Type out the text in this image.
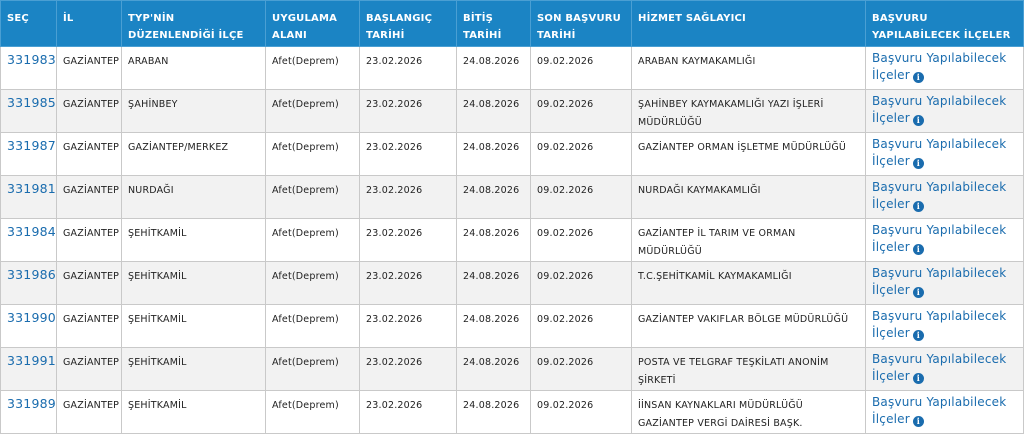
SEÇ	İL	TYP'NİN DÜZENLENDİĞİ İLÇE	UYGULAMA ALANI	BAŞLANGIÇ TARİHİ	BİTİŞ TARİHİ	SON BAŞVURU TARİHİ	HİZMET SAĞLAYICI	BAŞVURU YAPILABİLECEK İLÇELER
331983	GAZİANTEP	ARABAN	Afet(Deprem)	23.02.2026	24.08.2026	09.02.2026	ARABAN KAYMAKAMLIĞI	Başvuru Yapılabilecek İlçeler i
331985	GAZİANTEP	ŞAHİNBEY	Afet(Deprem)	23.02.2026	24.08.2026	09.02.2026	ŞAHİNBEY KAYMAKAMLIĞI YAZI İŞLERİ MÜDÜRLÜĞÜ	Başvuru Yapılabilecek İlçeler i
331987	GAZİANTEP	GAZİANTEP/MERKEZ	Afet(Deprem)	23.02.2026	24.08.2026	09.02.2026	GAZİANTEP ORMAN İŞLETME MÜDÜRLÜĞÜ	Başvuru Yapılabilecek İlçeler i
331981	GAZİANTEP	NURDAĞI	Afet(Deprem)	23.02.2026	24.08.2026	09.02.2026	NURDAĞI KAYMAKAMLIĞI	Başvuru Yapılabilecek İlçeler i
331984	GAZİANTEP	ŞEHİTKAMİL	Afet(Deprem)	23.02.2026	24.08.2026	09.02.2026	GAZİANTEP İL TARIM VE ORMAN MÜDÜRLÜĞÜ	Başvuru Yapılabilecek İlçeler i
331986	GAZİANTEP	ŞEHİTKAMİL	Afet(Deprem)	23.02.2026	24.08.2026	09.02.2026	T.C.ŞEHİTKAMİL KAYMAKAMLIĞI	Başvuru Yapılabilecek İlçeler i
331990	GAZİANTEP	ŞEHİTKAMİL	Afet(Deprem)	23.02.2026	24.08.2026	09.02.2026	GAZİANTEP VAKIFLAR BÖLGE MÜDÜRLÜĞÜ	Başvuru Yapılabilecek İlçeler i
331991	GAZİANTEP	ŞEHİTKAMİL	Afet(Deprem)	23.02.2026	24.08.2026	09.02.2026	POSTA VE TELGRAF TEŞKİLATI ANONİM ŞİRKETİ	Başvuru Yapılabilecek İlçeler i
331989	GAZİANTEP	ŞEHİTKAMİL	Afet(Deprem)	23.02.2026	24.08.2026	09.02.2026	İİNSAN KAYNAKLARI MÜDÜRLÜĞÜ GAZİANTEP VERGİ DAİRESİ BAŞK.	Başvuru Yapılabilecek İlçeler i
